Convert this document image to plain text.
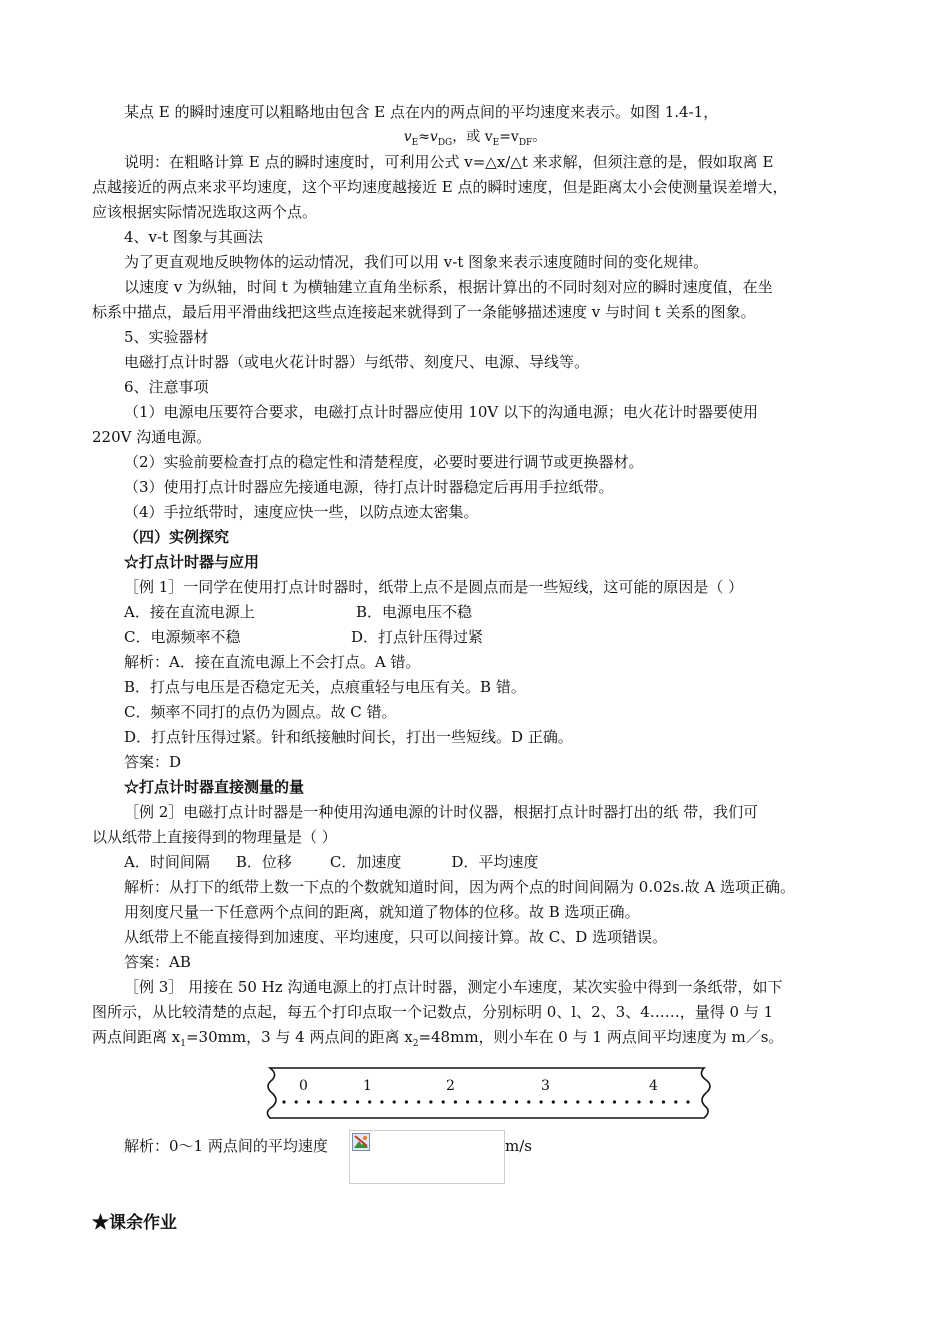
某点 E 的瞬时速度可以粗略地由包含 E 点在内的两点间的平均速度来表示。如图 1.4-1，
$v_E\approx v_{DG}$，或 $v_E=v_{DF}$。
说明：在粗略计算 E 点的瞬时速度时，可利用公式 v=△x/△t 来求解，但须注意的是，假如取离 E
点越接近的两点来求平均速度，这个平均速度越接近 E 点的瞬时速度，但是距离太小会使测量误差增大，
应该根据实际情况选取这两个点。
4、v-t 图象与其画法
为了更直观地反映物体的运动情况，我们可以用 v-t 图象来表示速度随时间的变化规律。
以速度 v 为纵轴，时间 t 为横轴建立直角坐标系，根据计算出的不同时刻对应的瞬时速度值，在坐
标系中描点，最后用平滑曲线把这些点连接起来就得到了一条能够描述速度 v 与时间 t 关系的图象。
5、实验器材
电磁打点计时器（或电火花计时器）与纸带、刻度尺、电源、导线等。
6、注意事项
（1）电源电压要符合要求，电磁打点计时器应使用 10V 以下的沟通电源；电火花计时器要使用
220V 沟通电源。
（2）实验前要检查打点的稳定性和清楚程度，必要时要进行调节或更换器材。
（3）使用打点计时器应先接通电源，待打点计时器稳定后再用手拉纸带。
（4）手拉纸带时，速度应快一些，以防点迹太密集。
（四）实例探究
☆打点计时器与应用
［例 1］一同学在使用打点计时器时，纸带上点不是圆点而是一些短线，这可能的原因是（ ）
A．接在直流电源上	B．电源电压不稳
C．电源频率不稳	D．打点针压得过紧
解析：A．接在直流电源上不会打点。A 错。
B．打点与电压是否稳定无关，点痕重轻与电压有关。B 错。
C．频率不同打的点仍为圆点。故 C 错。
D．打点针压得过紧。针和纸接触时间长，打出一些短线。D 正确。
答案：D
☆打点计时器直接测量的量
［例 2］电磁打点计时器是一种使用沟通电源的计时仪器，根据打点计时器打出的纸 带，我们可
以从纸带上直接得到的物理量是（ ）
A．时间间隔 B．位移	C．加速度	D．平均速度
解析：从打下的纸带上数一下点的个数就知道时间，因为两个点的时间间隔为 0.02s.故 A 选项正确。
用刻度尺量一下任意两个点间的距离，就知道了物体的位移。故 B 选项正确。
从纸带上不能直接得到加速度、平均速度，只可以间接计算。故 C、D 选项错误。
答案：AB
［例 3］ 用接在 50 Hz 沟通电源上的打点计时器，测定小车速度，某次实验中得到一条纸带，如下
图所示，从比较清楚的点起，每五个打印点取一个记数点，分别标明 0、l、2、3、4……，量得 0 与 1
两点间距离 $x_1=30mm$，3 与 4 两点间的距离 $x_2=48mm$，则小车在 0 与 1 两点间平均速度为 m／s。
0	1	2	3	4
解析：0～1 两点间的平均速度	m/s
★课余作业
